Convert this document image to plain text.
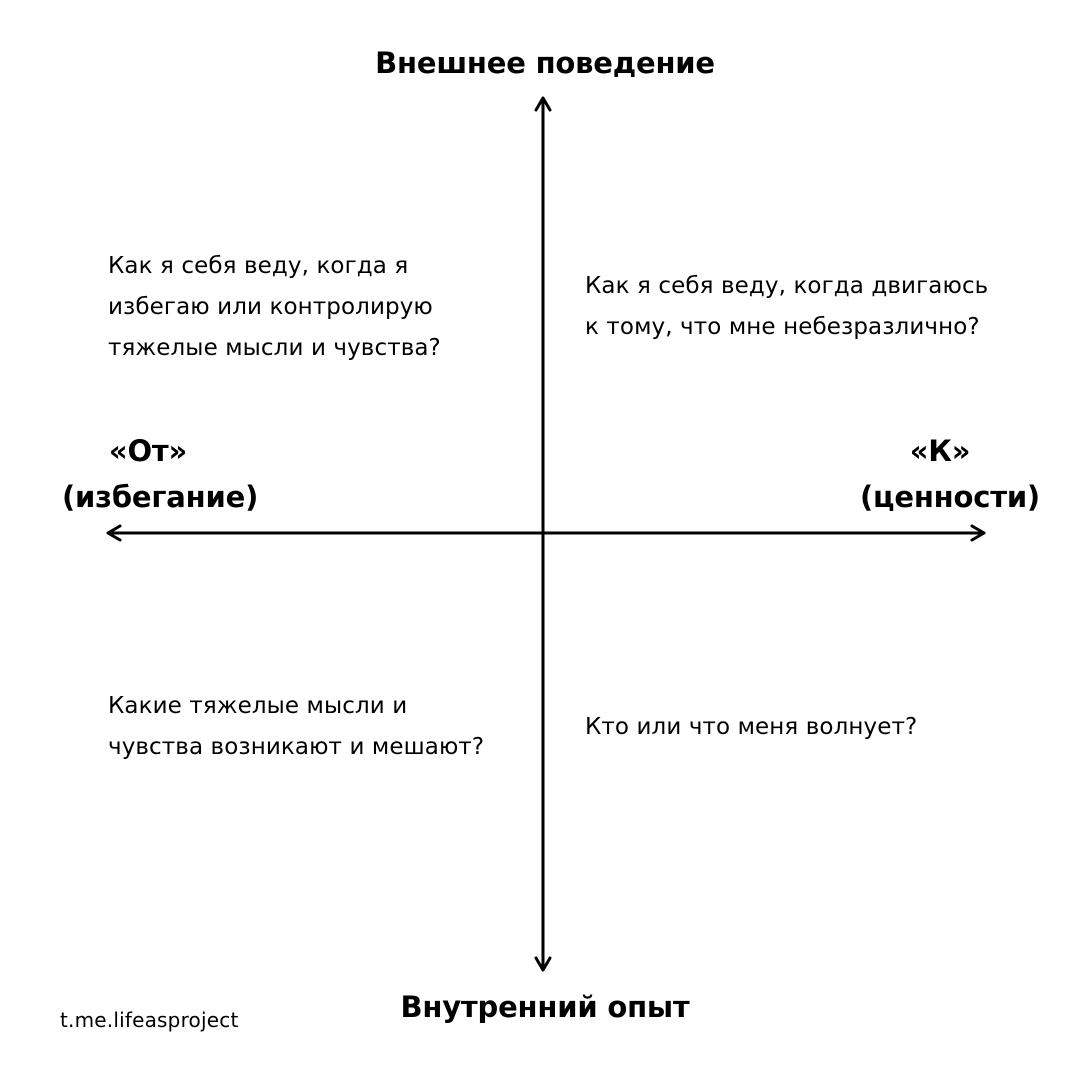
Внешнее поведение
Внутренний опыт
«От»
(избегание)
«К»
(ценности)
Как я себя веду, когда я
избегаю или контролирую
тяжелые мысли и чувства?
Как я себя веду, когда двигаюсь
к тому, что мне небезразлично?
Какие тяжелые мысли и
чувства возникают и мешают?
Кто или что меня волнует?
t.me.lifeasproject
